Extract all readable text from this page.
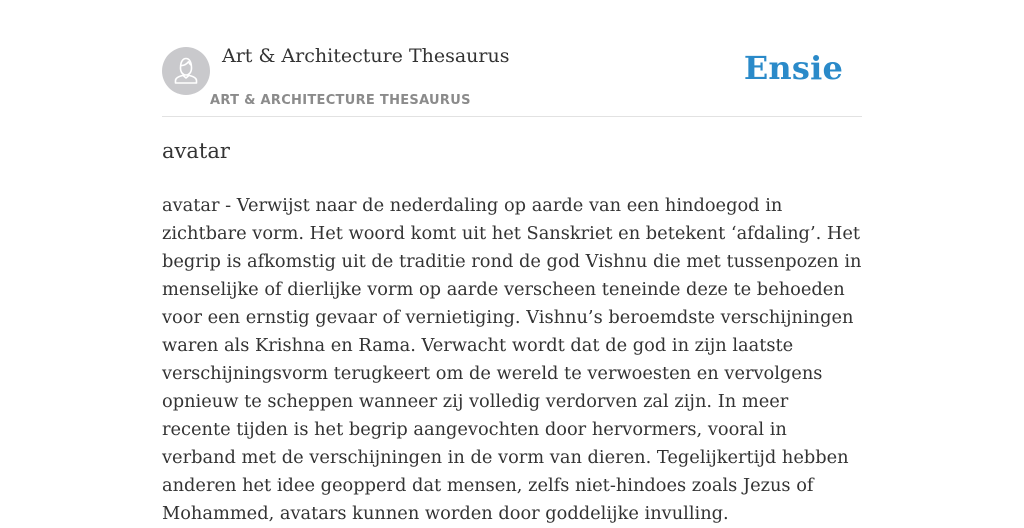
Art & Architecture Thesaurus
ART & ARCHITECTURE THESAURUS
Ensie
avatar

avatar - Verwijst naar de nederdaling op aarde van een hindoegod in zichtbare vorm. Het woord komt uit het Sanskriet en betekent ‘afdaling’. Het begrip is afkomstig uit de traditie rond de god Vishnu die met tussenpozen in menselijke of dierlijke vorm op aarde verscheen teneinde deze te behoeden voor een ernstig gevaar of vernietiging. Vishnu’s beroemdste verschijningen waren als Krishna en Rama. Verwacht wordt dat de god in zijn laatste verschijningsvorm terugkeert om de wereld te verwoesten en vervolgens opnieuw te scheppen wanneer zij volledig verdorven zal zijn. In meer recente tijden is het begrip aangevochten door hervormers, vooral in verband met de verschijningen in de vorm van dieren. Tegelijkertijd hebben anderen het idee geopperd dat mensen, zelfs niet-hindoes zoals Jezus of Mohammed, avatars kunnen worden door goddelijke invulling.
